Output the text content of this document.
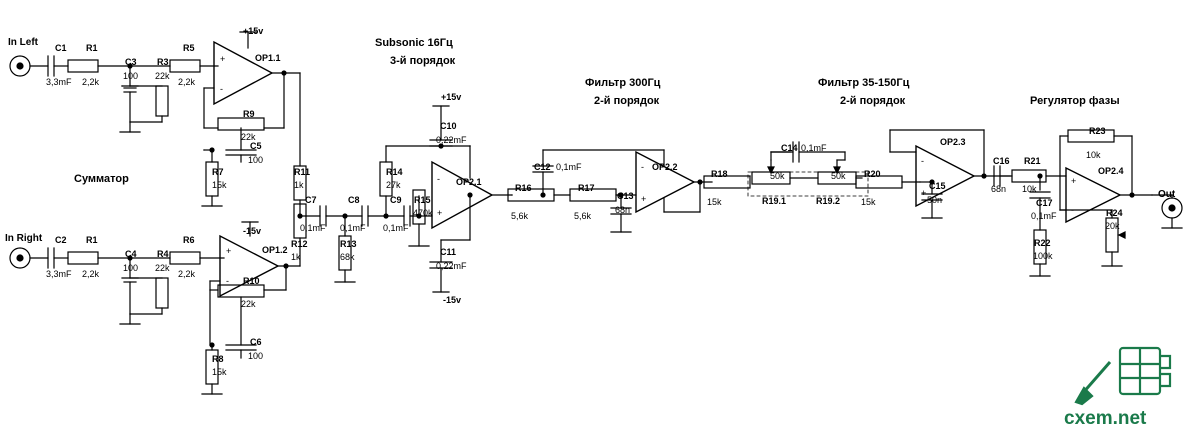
+
-
+
-
-
+
-
+
-
+
+
-
Сумматор
Subsonic 16Гц
3-й порядок
Фильтр 300Гц
2-й порядок
Фильтр 35-150Гц
2-й порядок	Регулятор фазы
In Left
In Right
Out
+15v
-15v
+15v
-15v
OP1.1
OP1.2
OP2.1
OP2.2
OP2.3
OP2.4
C1
3,3mF
R1
2,2k
R5
2,2k
C3
100
R3
22k
R9
22k
C5
100
R7
15k
R11
1k
C2
3,3mF
R1
2,2k
R6
2,2k
C4
100
R4
22k
R10
22k
C6
100
R8
15k
R12
1k
C7
0,1mF
C8
0,1mF
C9
0,1mF
R13
68k
R14
27k
R15
470k
C10
0,22mF
C11
0,22mF
C12 0,1mF
R16
5,6k
R17
5,6k
C13
68n
R18
15k
C14 0,1mF
R19.1
50k
R19.2
50k R20
15k
C15
50n
C16
68n
R21
10k
R22
100k
C17
0,1mF
R23
10k
R24
20k
cxem.net
